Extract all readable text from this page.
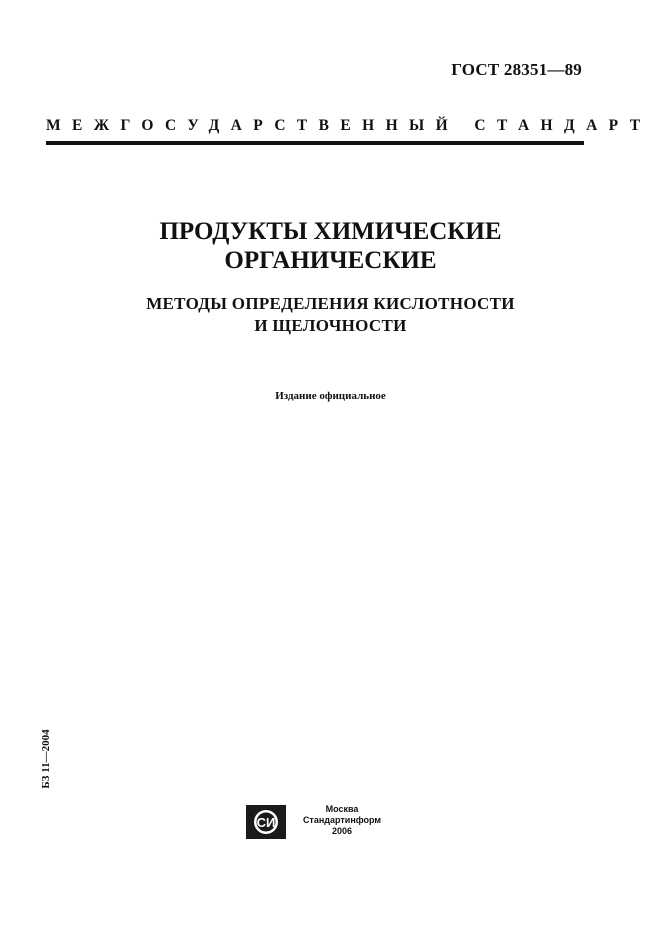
ГОСТ 28351—89
МЕЖГОСУДАРСТВЕННЫЙ СТАНДАРТ
ПРОДУКТЫ ХИМИЧЕСКИЕ
ОРГАНИЧЕСКИЕ
МЕТОДЫ ОПРЕДЕЛЕНИЯ КИСЛОТНОСТИ
И ЩЕЛОЧНОСТИ
Издание официальное
БЗ 11—2004
СИ
Москва
Стандартинформ
2006
